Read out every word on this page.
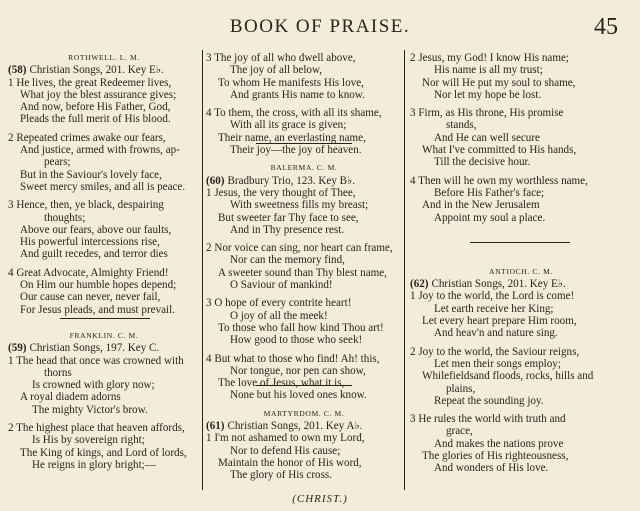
BOOK OF PRAISE.	45
ROTHWELL. L. M.
(58) Christian Songs, 201. Key E♭.
1 He lives, the great Redeemer lives,
What joy the blest assurance gives;
And now, before His Father, God,
Pleads the full merit of His blood.
2 Repeated crimes awake our fears,
And justice, armed with frowns, ap-
pears;
But in the Saviour's lovely face,
Sweet mercy smiles, and all is peace.
3 Hence, then, ye black, despairing
thoughts;
Above our fears, above our faults,
His powerful intercessions rise,
And guilt recedes, and terror dies
4 Great Advocate, Almighty Friend!
On Him our humble hopes depend;
Our cause can never, never fail,
For Jesus pleads, and must prevail.
FRANKLIN. C. M.
(59) Christian Songs, 197. Key C.
1 The head that once was crowned with
thorns
Is crowned with glory now;
A royal diadem adorns
The mighty Victor's brow.
2 The highest place that heaven affords,
Is His by sovereign right;
The King of kings, and Lord of lords,
He reigns in glory bright;—
3 The joy of all who dwell above,
The joy of all below,
To whom He manifests His love,
And grants His name to know.
4 To them, the cross, with all its shame,
With all its grace is given;
Their name, an everlasting name,
Their joy—the joy of heaven.
BALERMA. C. M.
(60) Bradbury Trio, 123. Key B♭.
1 Jesus, the very thought of Thee,
With sweetness fills my breast;
But sweeter far Thy face to see,
And in Thy presence rest.
2 Nor voice can sing, nor heart can frame,
Nor can the memory find,
A sweeter sound than Thy blest name,
O Saviour of mankind!
3 O hope of every contrite heart!
O joy of all the meek!
To those who fall how kind Thou art!
How good to those who seek!
4 But what to those who find! Ah! this,
Nor tongue, nor pen can show,
The love of Jesus, what it is,
None but his loved ones know.
MARTYRDOM. C. M.
(61) Christian Songs, 201. Key A♭.
1 I'm not ashamed to own my Lord,
Nor to defend His cause;
Maintain the honor of His word,
The glory of His cross.
2 Jesus, my God! I know His name;
His name is all my trust;
Nor will He put my soul to shame,
Nor let my hope be lost.
3 Firm, as His throne, His promise
stands,
And He can well secure
What I've committed to His hands,
Till the decisive hour.
4 Then will he own my worthless name,
Before His Father's face;
And in the New Jerusalem
Appoint my soul a place.
ANTIOCH. C. M.
(62) Christian Songs, 201. Key E♭.
1 Joy to the world, the Lord is come!
Let earth receive her King;
Let every heart prepare Him room,
And heav'n and nature sing.
2 Joy to the world, the Saviour reigns,
Let men their songs employ;
Whilefieldsand floods, rocks, hills and
plains,
Repeat the sounding joy.
3 He rules the world with truth and
grace,
And makes the nations prove
The glories of His righteousness,
And wonders of His love.
(CHRIST.)
